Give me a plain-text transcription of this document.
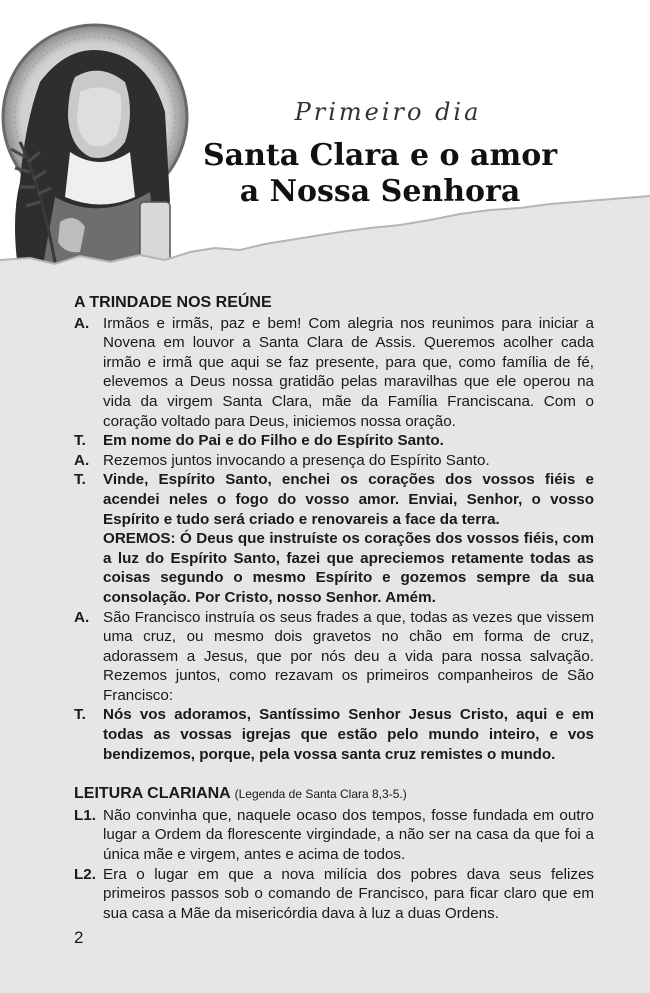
Primeiro dia
Santa Clara e o amor
a Nossa Senhora
A TRINDADE NOS REÚNE
A. Irmãos e irmãs, paz e bem! Com alegria nos reunimos para iniciar a Novena em louvor a Santa Clara de Assis. Queremos acolher cada irmão e irmã que aqui se faz presente, para que, como família de fé, elevemos a Deus nossa gratidão pelas maravilhas que ele operou na vida da virgem Santa Clara, mãe da Família Franciscana. Com o coração voltado para Deus, iniciemos nossa oração.
T.	Em nome do Pai e do Filho e do Espírito Santo.
A. Rezemos juntos invocando a presença do Espírito Santo.
T.	Vinde, Espírito Santo, enchei os corações dos vossos fiéis e acendei neles o fogo do vosso amor. Enviai, Senhor, o vosso Espírito e tudo será criado e renovareis a face da terra.
OREMOS: Ó Deus que instruíste os corações dos vossos fiéis, com a luz do Espírito Santo, fazei que apreciemos retamente todas as coisas segundo o mesmo Espírito e gozemos sempre da sua consolação. Por Cristo, nosso Senhor. Amém.
A. São Francisco instruía os seus frades a que, todas as vezes que vissem uma cruz, ou mesmo dois gravetos no chão em forma de cruz, adorassem a Jesus, que por nós deu a vida para nossa salvação. Rezemos juntos, como rezavam os primeiros companheiros de São Francisco:
T.	Nós vos adoramos, Santíssimo Senhor Jesus Cristo, aqui e em todas as vossas igrejas que estão pelo mundo inteiro, e vos bendizemos, porque, pela vossa santa cruz remistes o mundo.
LEITURA CLARIANA (Legenda de Santa Clara 8,3-5.)
L1. Não convinha que, naquele ocaso dos tempos, fosse fundada em outro lugar a Ordem da florescente virgindade, a não ser na casa da que foi a única mãe e virgem, antes e acima de todos.
L2. Era o lugar em que a nova milícia dos pobres dava seus felizes primeiros passos sob o comando de Francisco, para ficar claro que em sua casa a Mãe da misericórdia dava à luz a duas Ordens.
2
